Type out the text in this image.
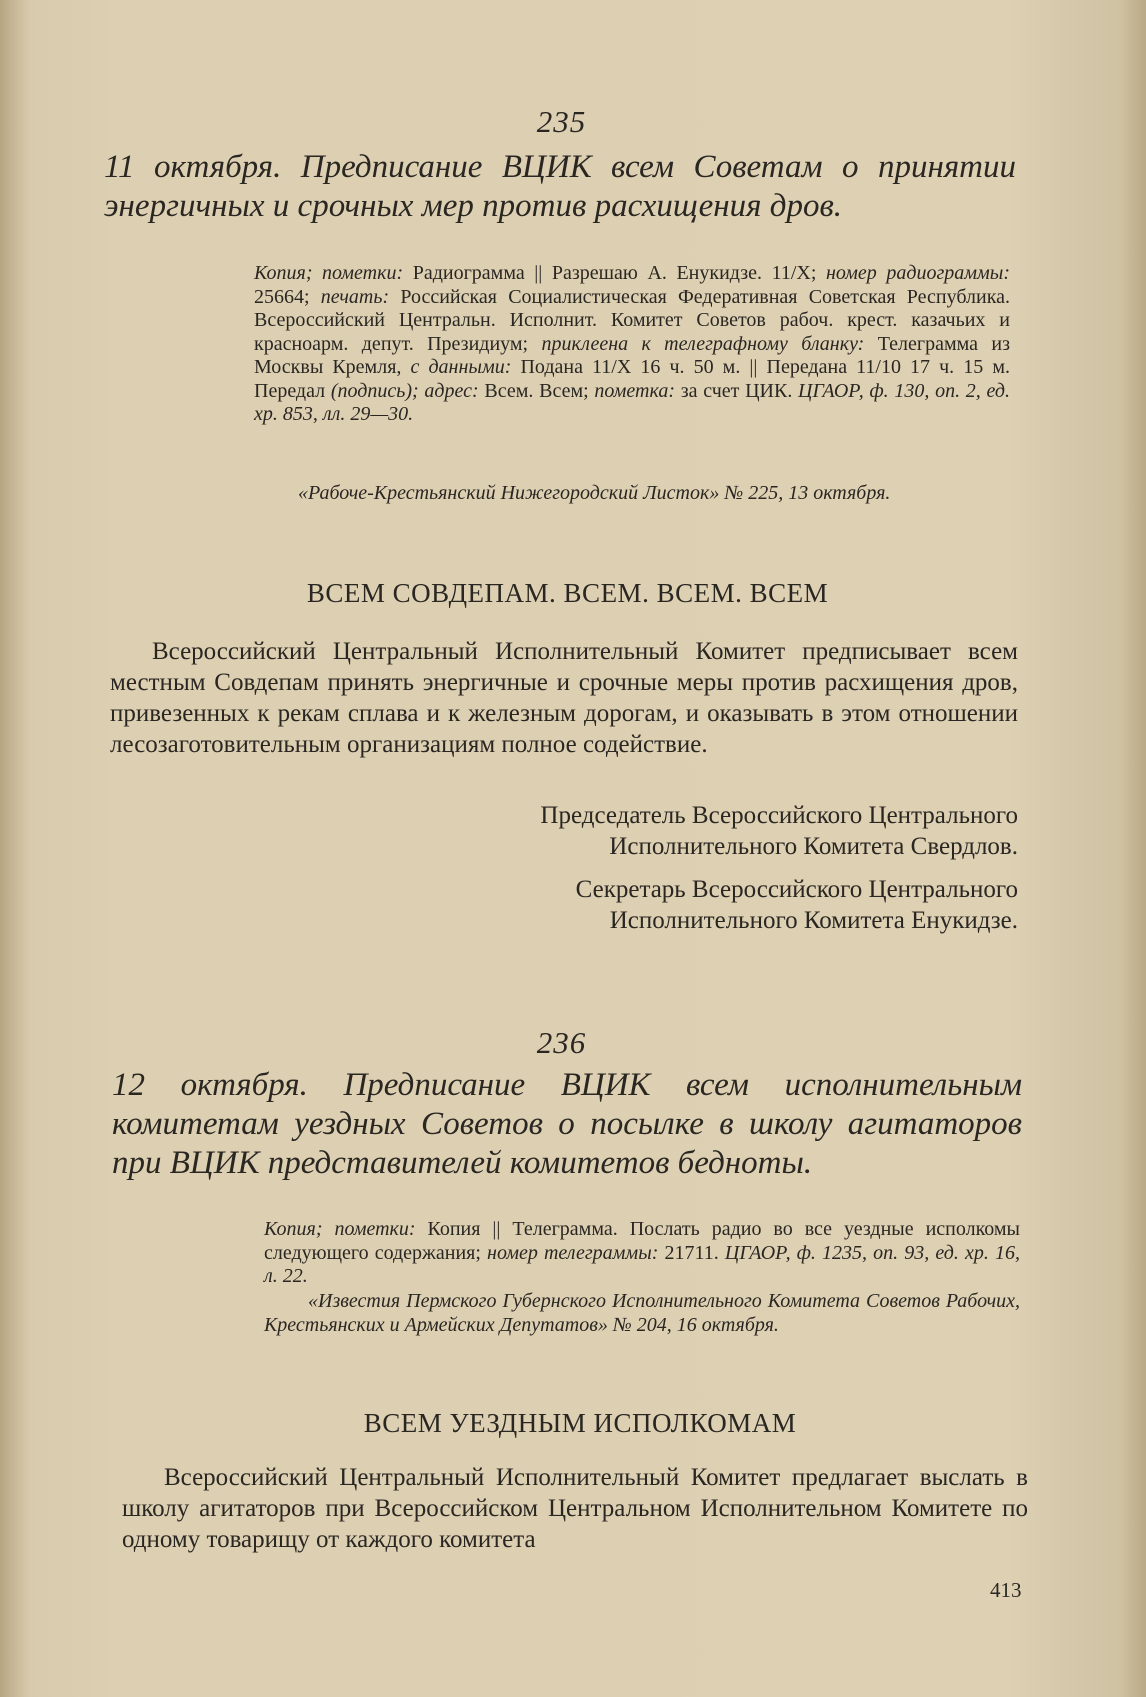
235
11 октября. Предписание ВЦИК всем Советам о принятии энергичных и срочных мер против расхищения дров.
Копия; пометки: Радиограмма || Разрешаю А. Енукидзе. 11/X; номер радиограммы: 25664; печать: Российская Социалистическая Федеративная Советская Республика. Всероссийский Центральн. Исполнит. Комитет Советов рабоч. крест. казачьих и красноарм. депут. Президиум; приклеена к телеграфному бланку: Телеграмма из Москвы Кремля, с данными: Подана 11/X 16 ч. 50 м. || Передана 11/10 17 ч. 15 м. Передал (подпись); адрес: Всем. Всем; пометка: за счет ЦИК. ЦГАОР, ф. 130, оп. 2, ед. хр. 853, лл. 29—30.
«Рабоче-Крестьянский Нижегородский Листок» № 225, 13 октября.
ВСЕМ СОВДЕПАМ. ВСЕМ. ВСЕМ. ВСЕМ
Всероссийский Центральный Исполнительный Комитет предписывает всем местным Совдепам принять энергичные и срочные меры против расхищения дров, привезенных к рекам сплава и к железным дорогам, и оказывать в этом отношении лесозаготовительным организациям полное содействие.
Председатель Всероссийского Центрального
Исполнительного Комитета Свердлов.
Секретарь Всероссийского Центрального
Исполнительного Комитета Енукидзе.
236
12 октября. Предписание ВЦИК всем исполнительным комитетам уездных Советов о посылке в школу агитаторов при ВЦИК представителей комитетов бедноты.
Копия; пометки: Копия || Телеграмма. Послать радио во все уездные исполкомы следующего содержания; номер телеграммы: 21711. ЦГАОР, ф. 1235, оп. 93, ед. хр. 16, л. 22.
«Известия Пермского Губернского Исполнительного Комитета Советов Рабочих, Крестьянских и Армейских Депутатов» № 204, 16 октября.
ВСЕМ УЕЗДНЫМ ИСПОЛКОМАМ
Всероссийский Центральный Исполнительный Комитет предлагает выслать в школу агитаторов при Всероссийском Центральном Исполнительном Комитете по одному товарищу от каждого комитета
413
